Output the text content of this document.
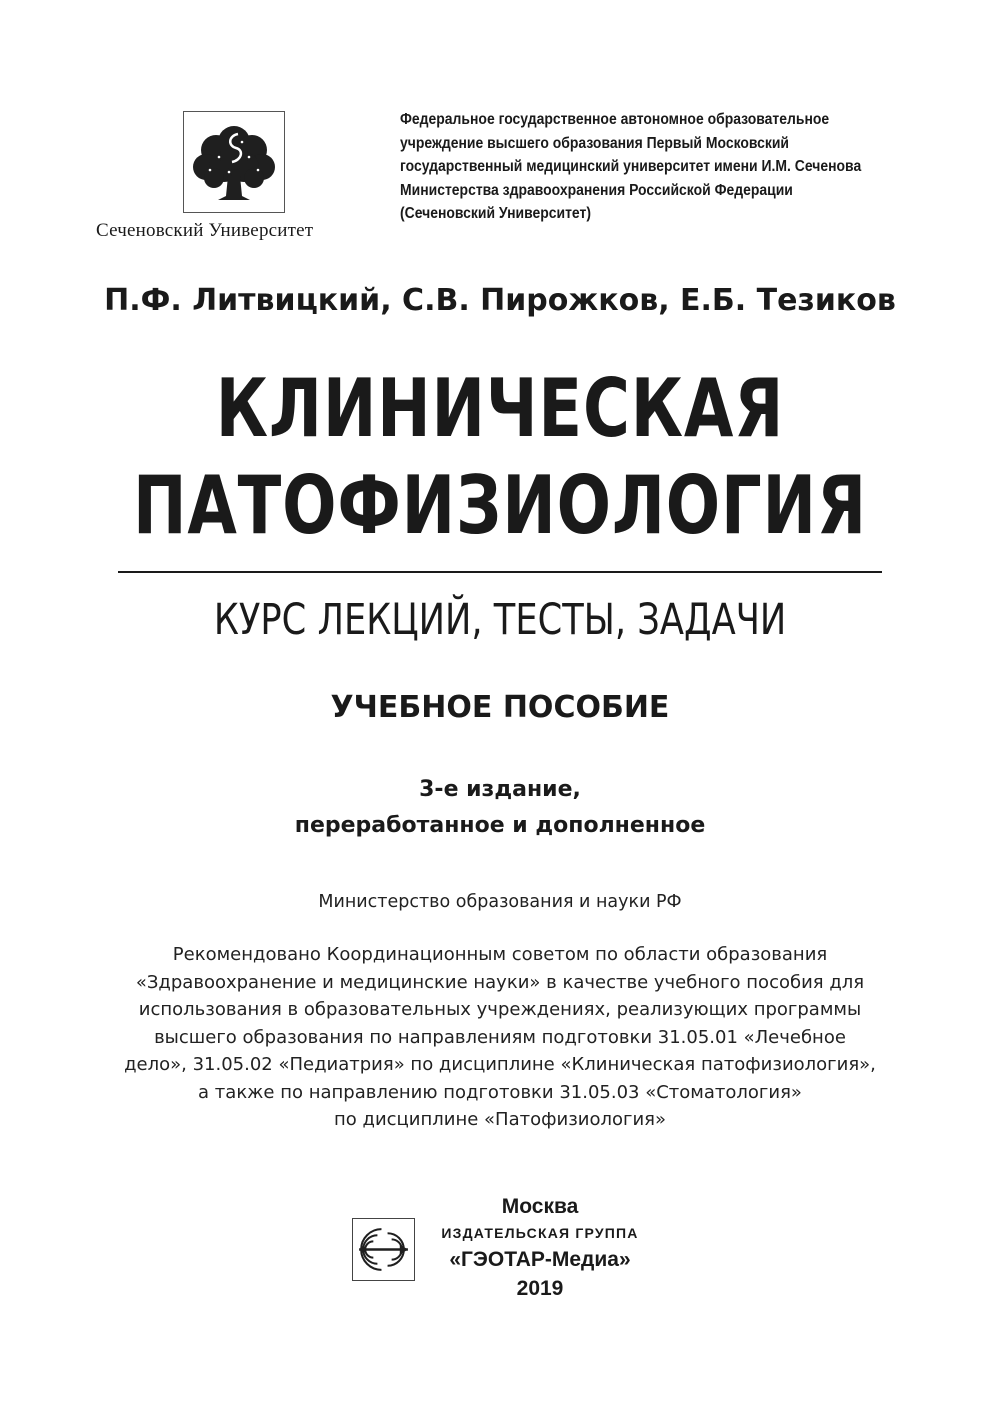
Сеченовский Университет
Федеральное государственное автономное образовательное
учреждение высшего образования Первый Московский
государственный медицинский университет имени И.М. Сеченова
Министерства здравоохранения Российской Федерации
(Сеченовский Университет)
П.Ф. Литвицкий, С.В. Пирожков, Е.Б. Тезиков
КЛИНИЧЕСКАЯ
ПАТОФИЗИОЛОГИЯ
КУРС ЛЕКЦИЙ, ТЕСТЫ, ЗАДАЧИ
УЧЕБНОЕ ПОСОБИЕ
3-е издание,
переработанное и дополненное
Министерство образования и науки РФ
Рекомендовано Координационным советом по области образования
«Здравоохранение и медицинские науки» в качестве учебного пособия для
использования в образовательных учреждениях, реализующих программы
высшего образования по направлениям подготовки 31.05.01 «Лечебное
дело», 31.05.02 «Педиатрия» по дисциплине «Клиническая патофизиология»,
а также по направлению подготовки 31.05.03 «Стоматология»
по дисциплине «Патофизиология»
Москва
ИЗДАТЕЛЬСКАЯ ГРУППА
«ГЭОТАР-Медиа»
2019
